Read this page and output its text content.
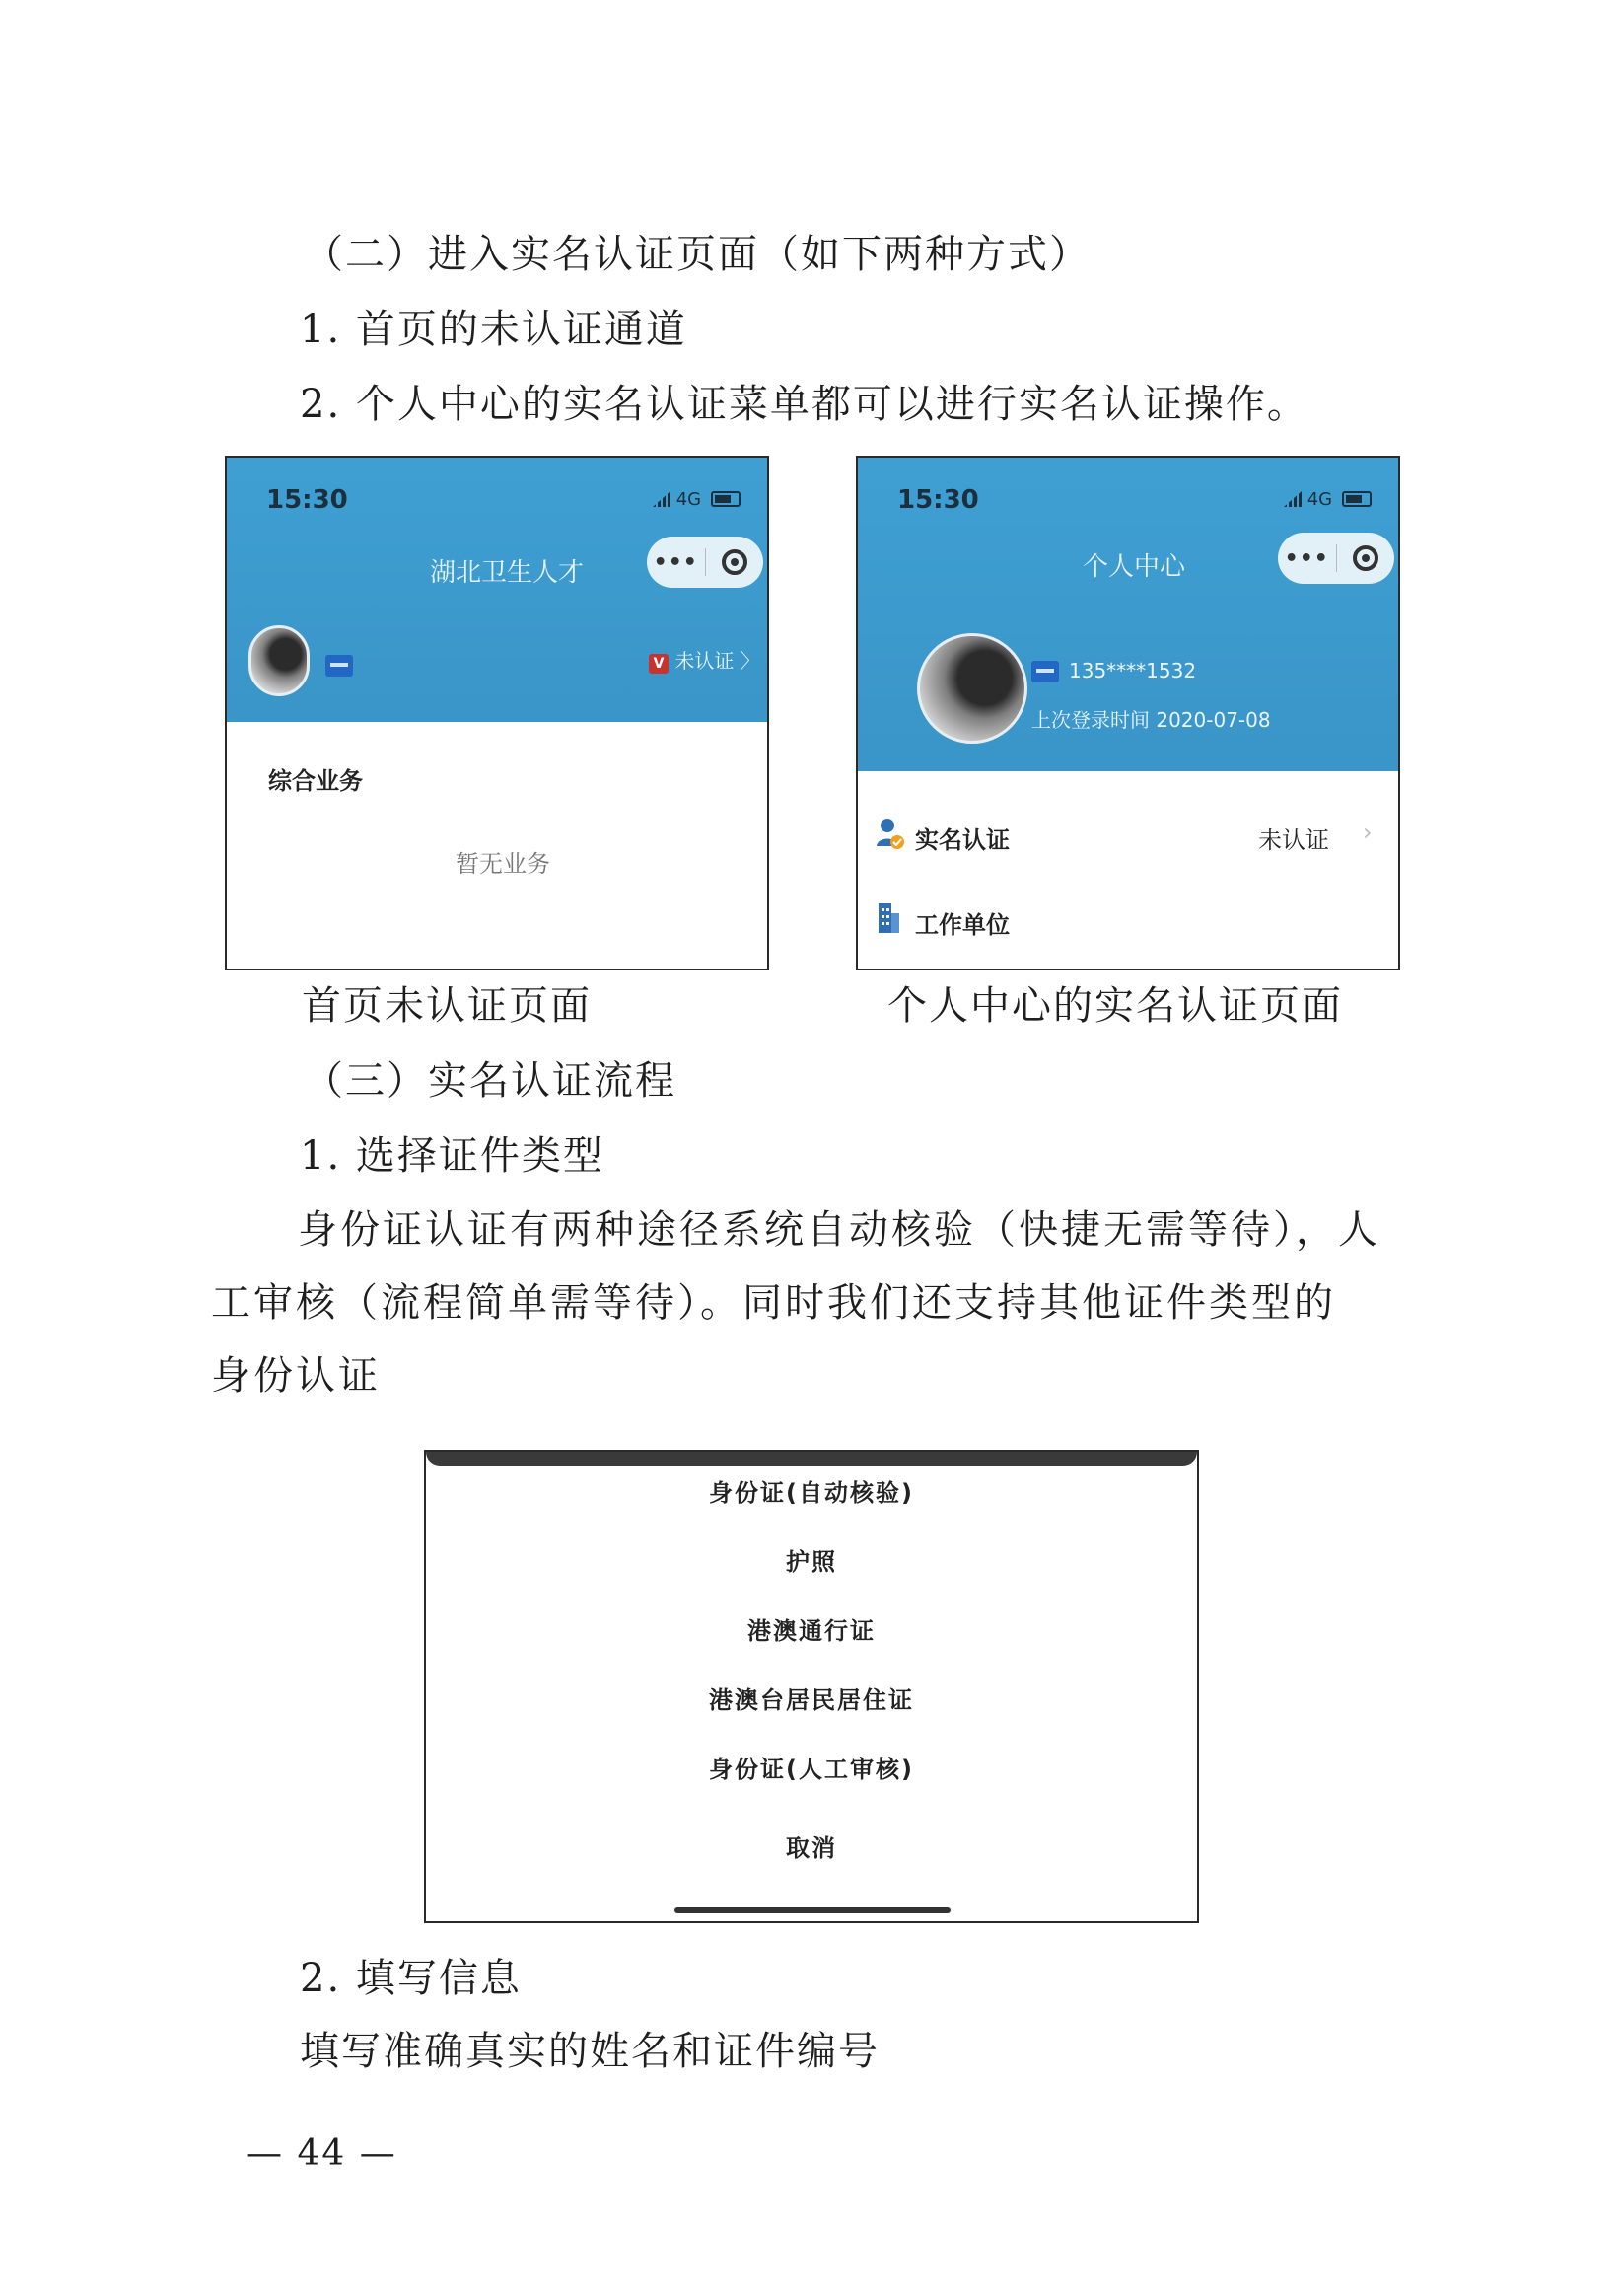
（二）进入实名认证页面（如下两种方式）
1. 首页的未认证通道
2. 个人中心的实名认证菜单都可以进行实名认证操作。
15:30	4G
湖北卫生人才	•••
V 未认证 〉
综合业务
暂无业务
首页未认证页面
15:30	4G
个人中心	•••
135****1532
上次登录时间 2020-07-08
实名认证	未认证 ›
工作单位
个人中心的实名认证页面
（三）实名认证流程
1. 选择证件类型
身份证认证有两种途径系统自动核验（快捷无需等待），人
工审核（流程简单需等待）。同时我们还支持其他证件类型的
身份认证
身份证(自动核验)
护照
港澳通行证
港澳台居民居住证
身份证(人工审核)
取消
2. 填写信息
填写准确真实的姓名和证件编号
— 44 —
